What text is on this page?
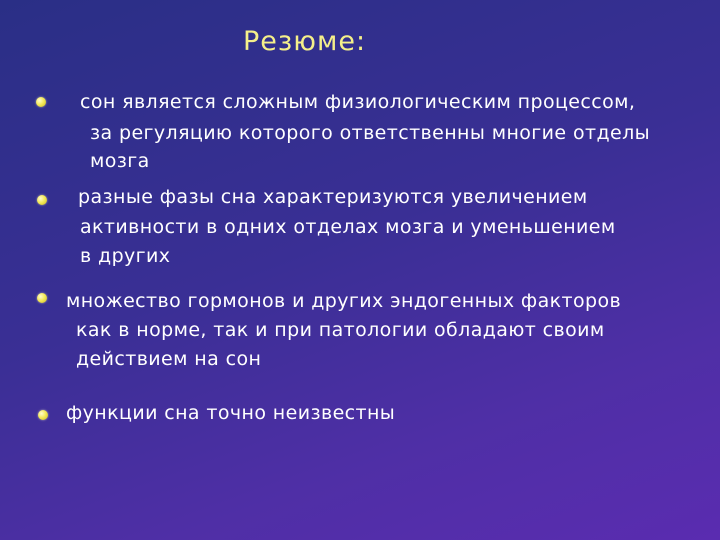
Резюме:
сон является сложным физиологическим процессом,
за регуляцию которого ответственны многие отделы
мозга
разные фазы сна характеризуются увеличением
активности в одних отделах мозга и уменьшением
в других
множество гормонов и других эндогенных факторов
как в норме, так и при патологии обладают своим
действием на сон
функции сна точно неизвестны
